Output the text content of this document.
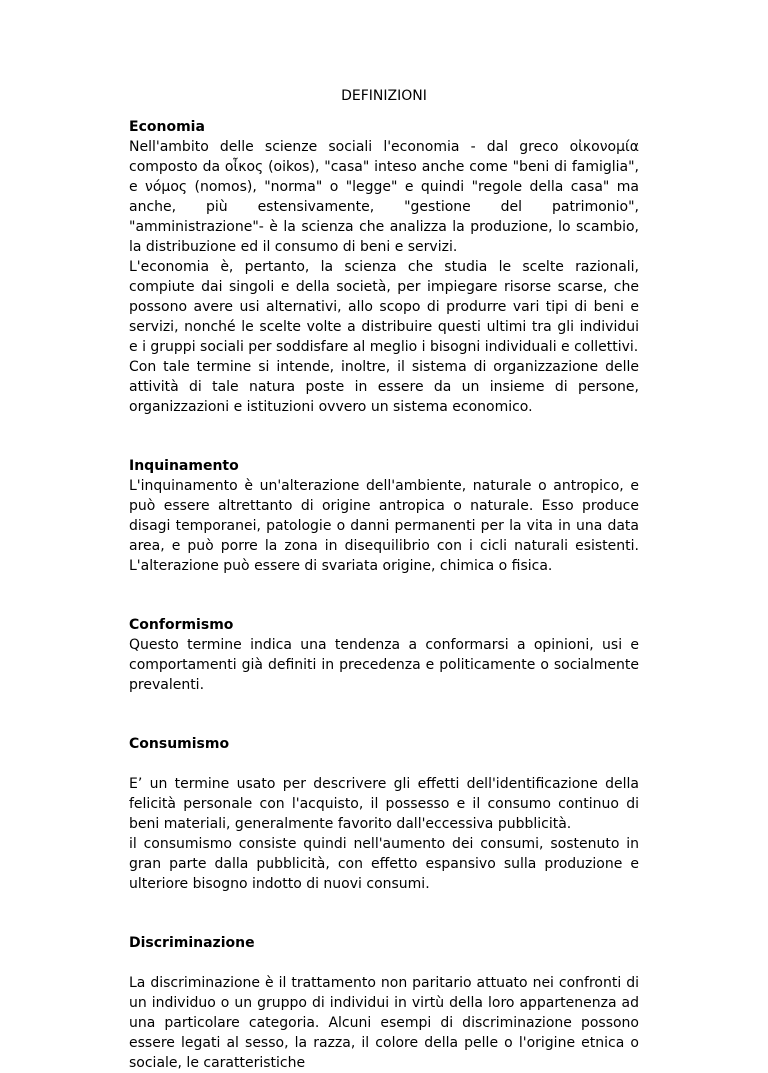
DEFINIZIONI
Economia

Nell'ambito delle scienze sociali l'economia - dal greco οἰκονομία composto da οἶκος (oikos), "casa" inteso anche come "beni di famiglia", e νόμος (nomos), "norma" o "legge" e quindi "regole della casa" ma anche, più estensivamente, "gestione del patrimonio", "amministrazione"- è la scienza che analizza la produzione, lo scambio, la distribuzione ed il consumo di beni e servizi.

L'economia è, pertanto, la scienza che studia le scelte razionali, compiute dai singoli e della società, per impiegare risorse scarse, che possono avere usi alternativi, allo scopo di produrre vari tipi di beni e servizi, nonché le scelte volte a distribuire questi ultimi tra gli individui e i gruppi sociali per soddisfare al meglio i bisogni individuali e collettivi.

Con tale termine si intende, inoltre, il sistema di organizzazione delle attività di tale natura poste in essere da un insieme di persone, organizzazioni e istituzioni ovvero un sistema economico.

Inquinamento

L'inquinamento è un'alterazione dell'ambiente, naturale o antropico, e può essere altrettanto di origine antropica o naturale. Esso produce disagi temporanei, patologie o danni permanenti per la vita in una data area, e può porre la zona in disequilibrio con i cicli naturali esistenti. L'alterazione può essere di svariata origine, chimica o fisica.

Conformismo

Questo termine indica una tendenza a conformarsi a opinioni, usi e comportamenti già definiti in precedenza e politicamente o socialmente prevalenti.

Consumismo

E’ un termine usato per descrivere gli effetti dell'identificazione della felicità personale con l'acquisto, il possesso e il consumo continuo di beni materiali, generalmente favorito dall'eccessiva pubblicità.

il consumismo consiste quindi nell'aumento dei consumi, sostenuto in gran parte dalla pubblicità, con effetto espansivo sulla produzione e ulteriore bisogno indotto di nuovi consumi.

Discriminazione

La discriminazione è il trattamento non paritario attuato nei confronti di un individuo o un gruppo di individui in virtù della loro appartenenza ad una particolare categoria. Alcuni esempi di discriminazione possono essere legati al sesso, la razza, il colore della pelle o l'origine etnica o sociale, le caratteristiche
